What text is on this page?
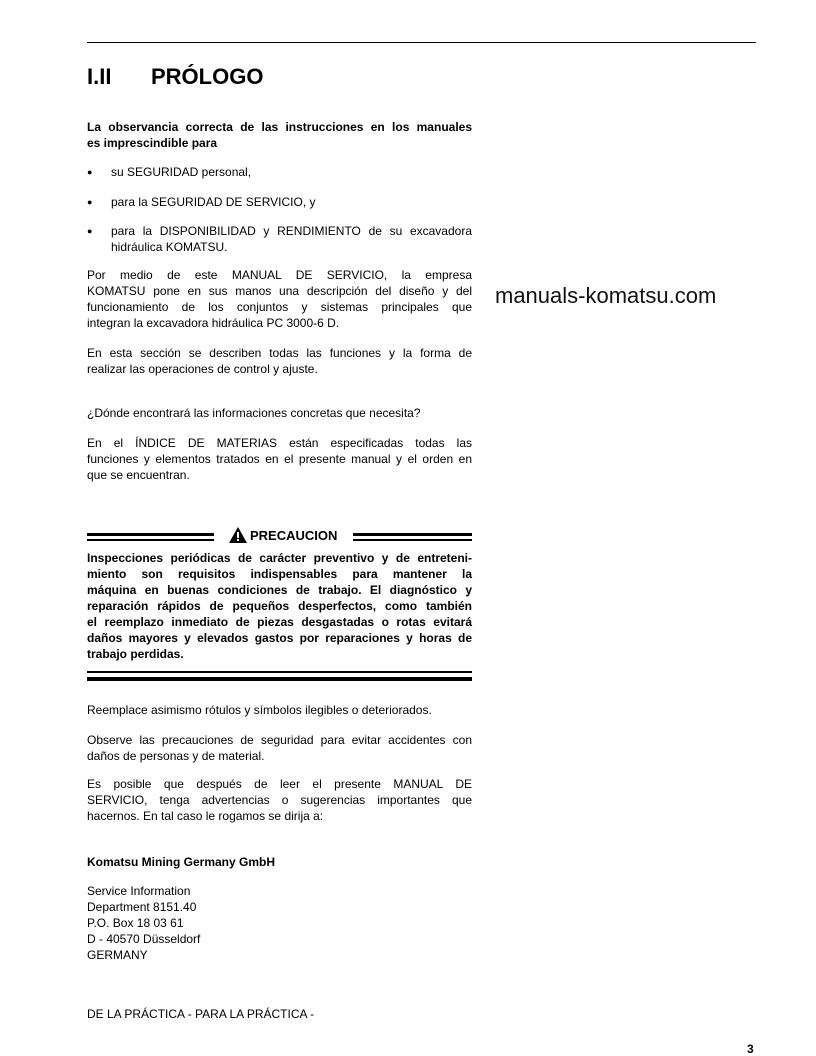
I.II PRÓLOGO
La observancia correcta de las instrucciones en los manuales
es imprescindible para
● su SEGURIDAD personal,
● para la SEGURIDAD DE SERVICIO, y
● para la DISPONIBILIDAD y RENDIMIENTO de su excavadora
hidráulica KOMATSU.
Por medio de este MANUAL DE SERVICIO, la empresa
KOMATSU pone en sus manos una descripción del diseño y del
funcionamiento de los conjuntos y sistemas principales que
integran la excavadora hidráulica PC 3000-6 D.
manuals-komatsu.com
En esta sección se describen todas las funciones y la forma de
realizar las operaciones de control y ajuste.
¿Dónde encontrará las informaciones concretas que necesita?
En el ÍNDICE DE MATERIAS están especificadas todas las
funciones y elementos tratados en el presente manual y el orden en
que se encuentran.
PRECAUCION
Inspecciones periódicas de carácter preventivo y de entreteni-
miento son requisitos indispensables para mantener la
máquina en buenas condiciones de trabajo. El diagnóstico y
reparación rápidos de pequeños desperfectos, como también
el reemplazo inmediato de piezas desgastadas o rotas evitará
daños mayores y elevados gastos por reparaciones y horas de
trabajo perdidas.
Reemplace asimismo rótulos y símbolos ilegibles o deteriorados.
Observe las precauciones de seguridad para evitar accidentes con
daños de personas y de material.
Es posible que después de leer el presente MANUAL DE
SERVICIO, tenga advertencias o sugerencias importantes que
hacernos. En tal caso le rogamos se dirija a:
Komatsu Mining Germany GmbH
Service Information
Department 8151.40
P.O. Box 18 03 61
D - 40570 Düsseldorf
GERMANY
DE LA PRÁCTICA - PARA LA PRÁCTICA -
3
